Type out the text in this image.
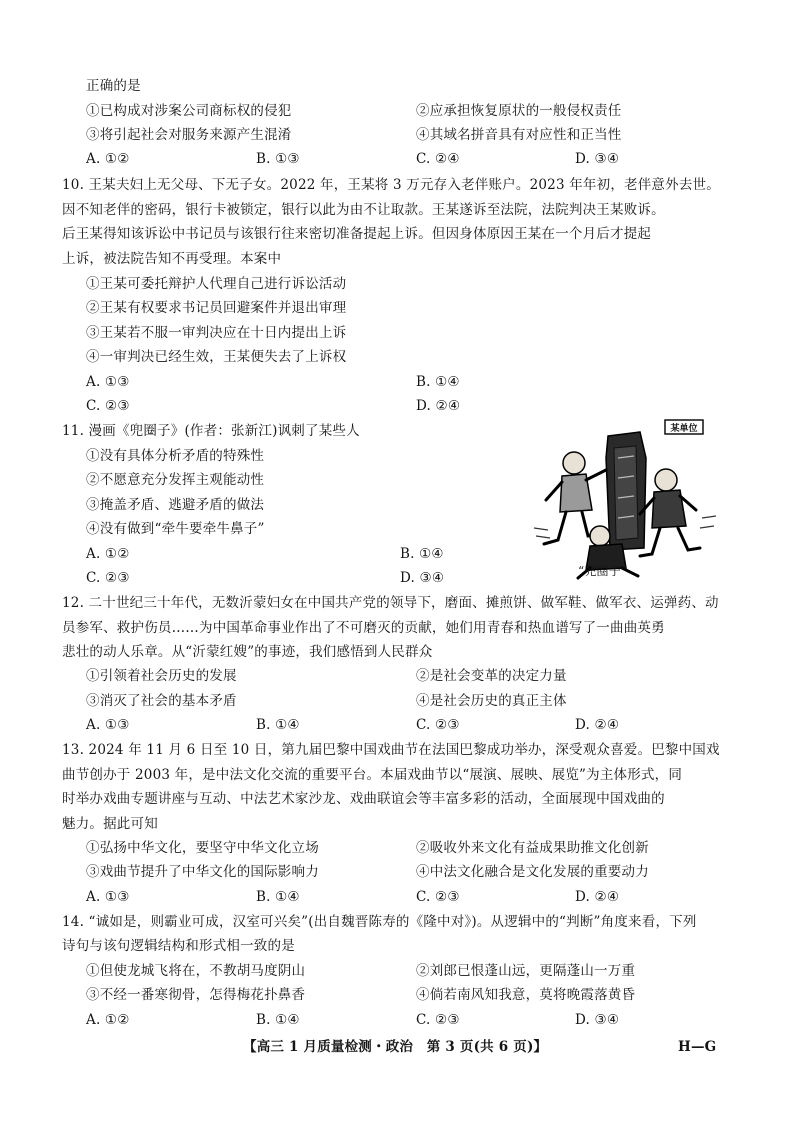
正确的是
①已构成对涉案公司商标权的侵犯	②应承担恢复原状的一般侵权责任
③将引起社会对服务来源产生混淆	④其域名拼音具有对应性和正当性
A. ①②	B. ①③	C. ②④	D. ③④
10. 王某夫妇上无父母、下无子女。2022 年，王某将 3 万元存入老伴账户。2023 年年初，老伴意外去世。
因不知老伴的密码，银行卡被锁定，银行以此为由不让取款。王某遂诉至法院，法院判决王某败诉。
后王某得知该诉讼中书记员与该银行往来密切准备提起上诉。但因身体原因王某在一个月后才提起
上诉，被法院告知不再受理。本案中
①王某可委托辩护人代理自己进行诉讼活动
②王某有权要求书记员回避案件并退出审理
③王某若不服一审判决应在十日内提出上诉
④一审判决已经生效，王某便失去了上诉权
A. ①③	B. ①④
C. ②③	D. ②④
11. 漫画《兜圈子》(作者：张新江)讽刺了某些人
①没有具体分析矛盾的特殊性
②不愿意充分发挥主观能动性
③掩盖矛盾、逃避矛盾的做法
④没有做到“牵牛要牵牛鼻子”
A. ①②	B. ①④
C. ②③	D. ③④
某单位
“兜圈子”
12. 二十世纪三十年代，无数沂蒙妇女在中国共产党的领导下，磨面、摊煎饼、做军鞋、做军衣、运弹药、动
员参军、救护伤员……为中国革命事业作出了不可磨灭的贡献，她们用青春和热血谱写了一曲曲英勇
悲壮的动人乐章。从“沂蒙红嫂”的事迹，我们感悟到人民群众
①引领着社会历史的发展	②是社会变革的决定力量
③消灭了社会的基本矛盾	④是社会历史的真正主体
A. ①③	B. ①④	C. ②③	D. ②④
13. 2024 年 11 月 6 日至 10 日，第九届巴黎中国戏曲节在法国巴黎成功举办，深受观众喜爱。巴黎中国戏
曲节创办于 2003 年，是中法文化交流的重要平台。本届戏曲节以“展演、展映、展览”为主体形式，同
时举办戏曲专题讲座与互动、中法艺术家沙龙、戏曲联谊会等丰富多彩的活动，全面展现中国戏曲的
魅力。据此可知
①弘扬中华文化，要坚守中华文化立场	②吸收外来文化有益成果助推文化创新
③戏曲节提升了中华文化的国际影响力	④中法文化融合是文化发展的重要动力
A. ①③	B. ①④	C. ②③	D. ②④
14. “诚如是，则霸业可成，汉室可兴矣”(出自魏晋陈寿的《隆中对》)。从逻辑中的“判断”角度来看，下列
诗句与该句逻辑结构和形式相一致的是
①但使龙城飞将在，不教胡马度阴山	②刘郎已恨蓬山远，更隔蓬山一万重
③不经一番寒彻骨，怎得梅花扑鼻香	④倘若南风知我意，莫将晚霞落黄昏
A. ①②	B. ①④	C. ②③	D. ③④
【高三 1 月质量检测・政治　第 3 页(共 6 页)】	H—G
